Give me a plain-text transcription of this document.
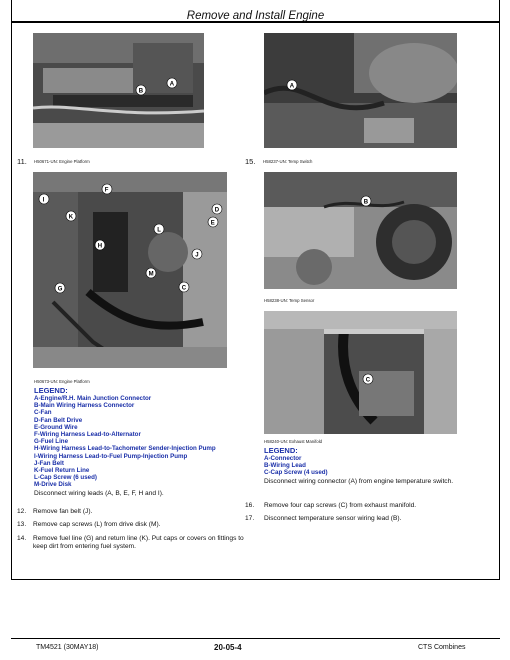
Remove and Install Engine
A
B
11. H50671-UN: Engine Platform
A
15. H58237-UN: Temp Switch
F
I
K
D
E
L
H
J
M
G	C
H50673-UN: Engine Platform
LEGEND:
A-Engine/R.H. Main Junction Connector
B-Main Wiring Harness Connector
C-Fan
D-Fan Belt Drive
E-Ground Wire
F-Wiring Harness Lead-to-Alternator
G-Fuel Line
H-Wiring Harness Lead-to-Tachometer Sender-Injection Pump
I-Wiring Harness Lead-to-Fuel Pump-Injection Pump
J-Fan Belt
K-Fuel Return Line
L-Cap Screw (6 used)
M-Drive Disk
Disconnect wiring leads (A, B, E, F, H and I).
12. Remove fan belt (J).
13. Remove cap screws (L) from drive disk (M).
14. Remove fuel line (G) and return line (K). Put caps or covers on fittings to keep dirt from entering fuel system.
B
H58238-UN: Temp Sensor
C
H58240-UN: Exhaust Manifold
LEGEND:
A-Connector
B-Wiring Lead
C-Cap Screw (4 used)
Disconnect wiring connector (A) from engine temperature switch.
16. Remove four cap screws (C) from exhaust manifold.
17. Disconnect temperature sensor wiring lead (B).
TM4521 (30MAY18)	20-05-4	CTS Combines
